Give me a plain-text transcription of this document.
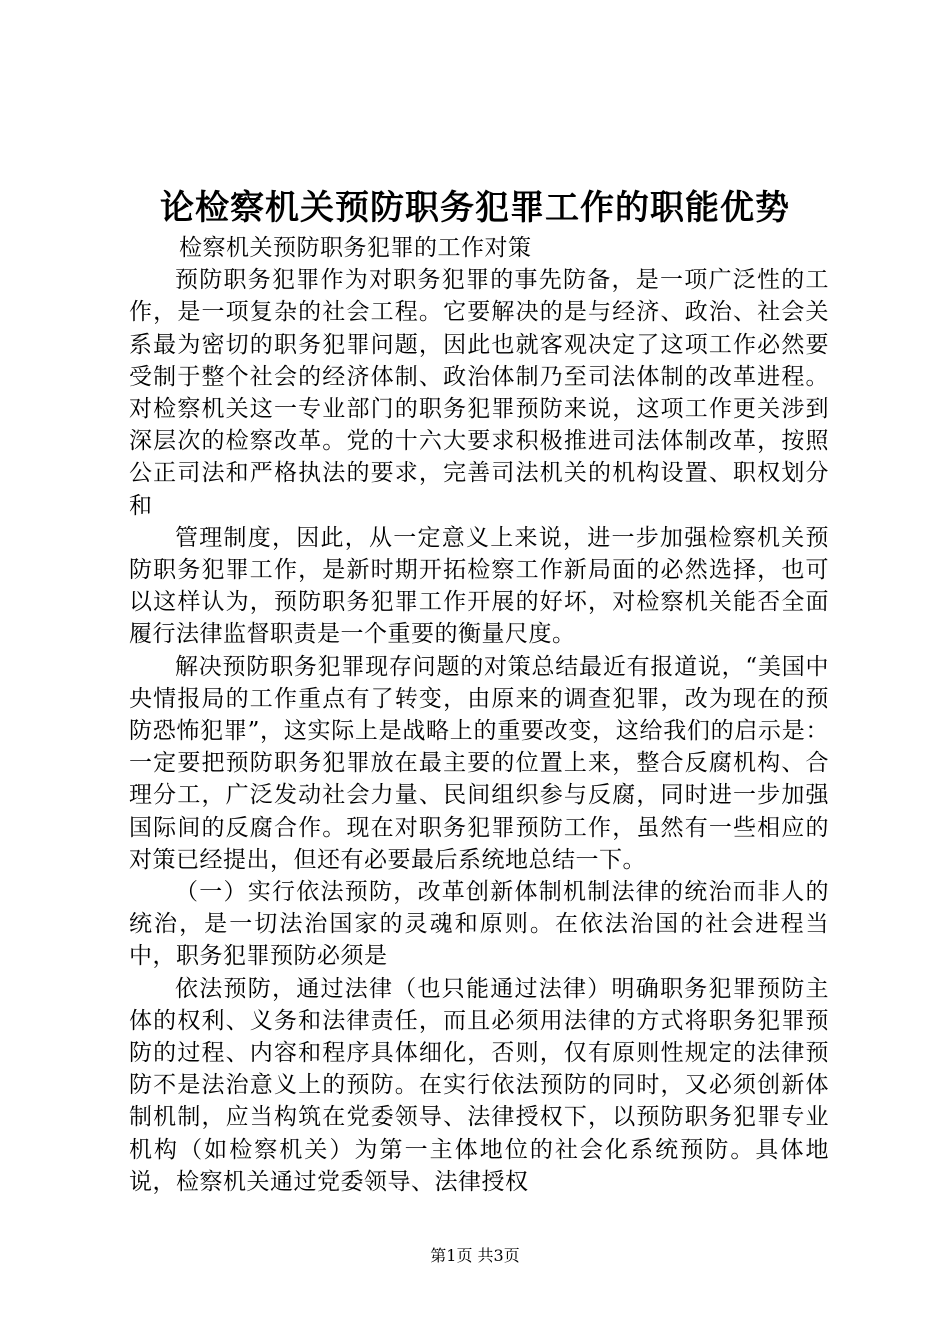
论检察机关预防职务犯罪工作的职能优势

检察机关预防职务犯罪的工作对策

预防职务犯罪作为对职务犯罪的事先防备，是一项广泛性的工作，是一项复杂的社会工程。它要解决的是与经济、政治、社会关系最为密切的职务犯罪问题，因此也就客观决定了这项工作必然要受制于整个社会的经济体制、政治体制乃至司法体制的改革进程。对检察机关这一专业部门的职务犯罪预防来说，这项工作更关涉到深层次的检察改革。党的十六大要求积极推进司法体制改革，按照公正司法和严格执法的要求，完善司法机关的机构设置、职权划分和

管理制度，因此，从一定意义上来说，进一步加强检察机关预防职务犯罪工作，是新时期开拓检察工作新局面的必然选择，也可以这样认为，预防职务犯罪工作开展的好坏，对检察机关能否全面履行法律监督职责是一个重要的衡量尺度。

解决预防职务犯罪现存问题的对策总结最近有报道说，“美国中央情报局的工作重点有了转变，由原来的调查犯罪，改为现在的预防恐怖犯罪”，这实际上是战略上的重要改变，这给我们的启示是：一定要把预防职务犯罪放在最主要的位置上来，整合反腐机构、合理分工，广泛发动社会力量、民间组织参与反腐，同时进一步加强国际间的反腐合作。现在对职务犯罪预防工作，虽然有一些相应的对策已经提出，但还有必要最后系统地总结一下。

（一）实行依法预防，改革创新体制机制法律的统治而非人的统治，是一切法治国家的灵魂和原则。在依法治国的社会进程当中，职务犯罪预防必须是

依法预防，通过法律（也只能通过法律）明确职务犯罪预防主体的权利、义务和法律责任，而且必须用法律的方式将职务犯罪预防的过程、内容和程序具体细化，否则，仅有原则性规定的法律预防不是法治意义上的预防。在实行依法预防的同时，又必须创新体制机制，应当构筑在党委领导、法律授权下，以预防职务犯罪专业机构（如检察机关）为第一主体地位的社会化系统预防。具体地说，检察机关通过党委领导、法律授权

第1页 共3页
